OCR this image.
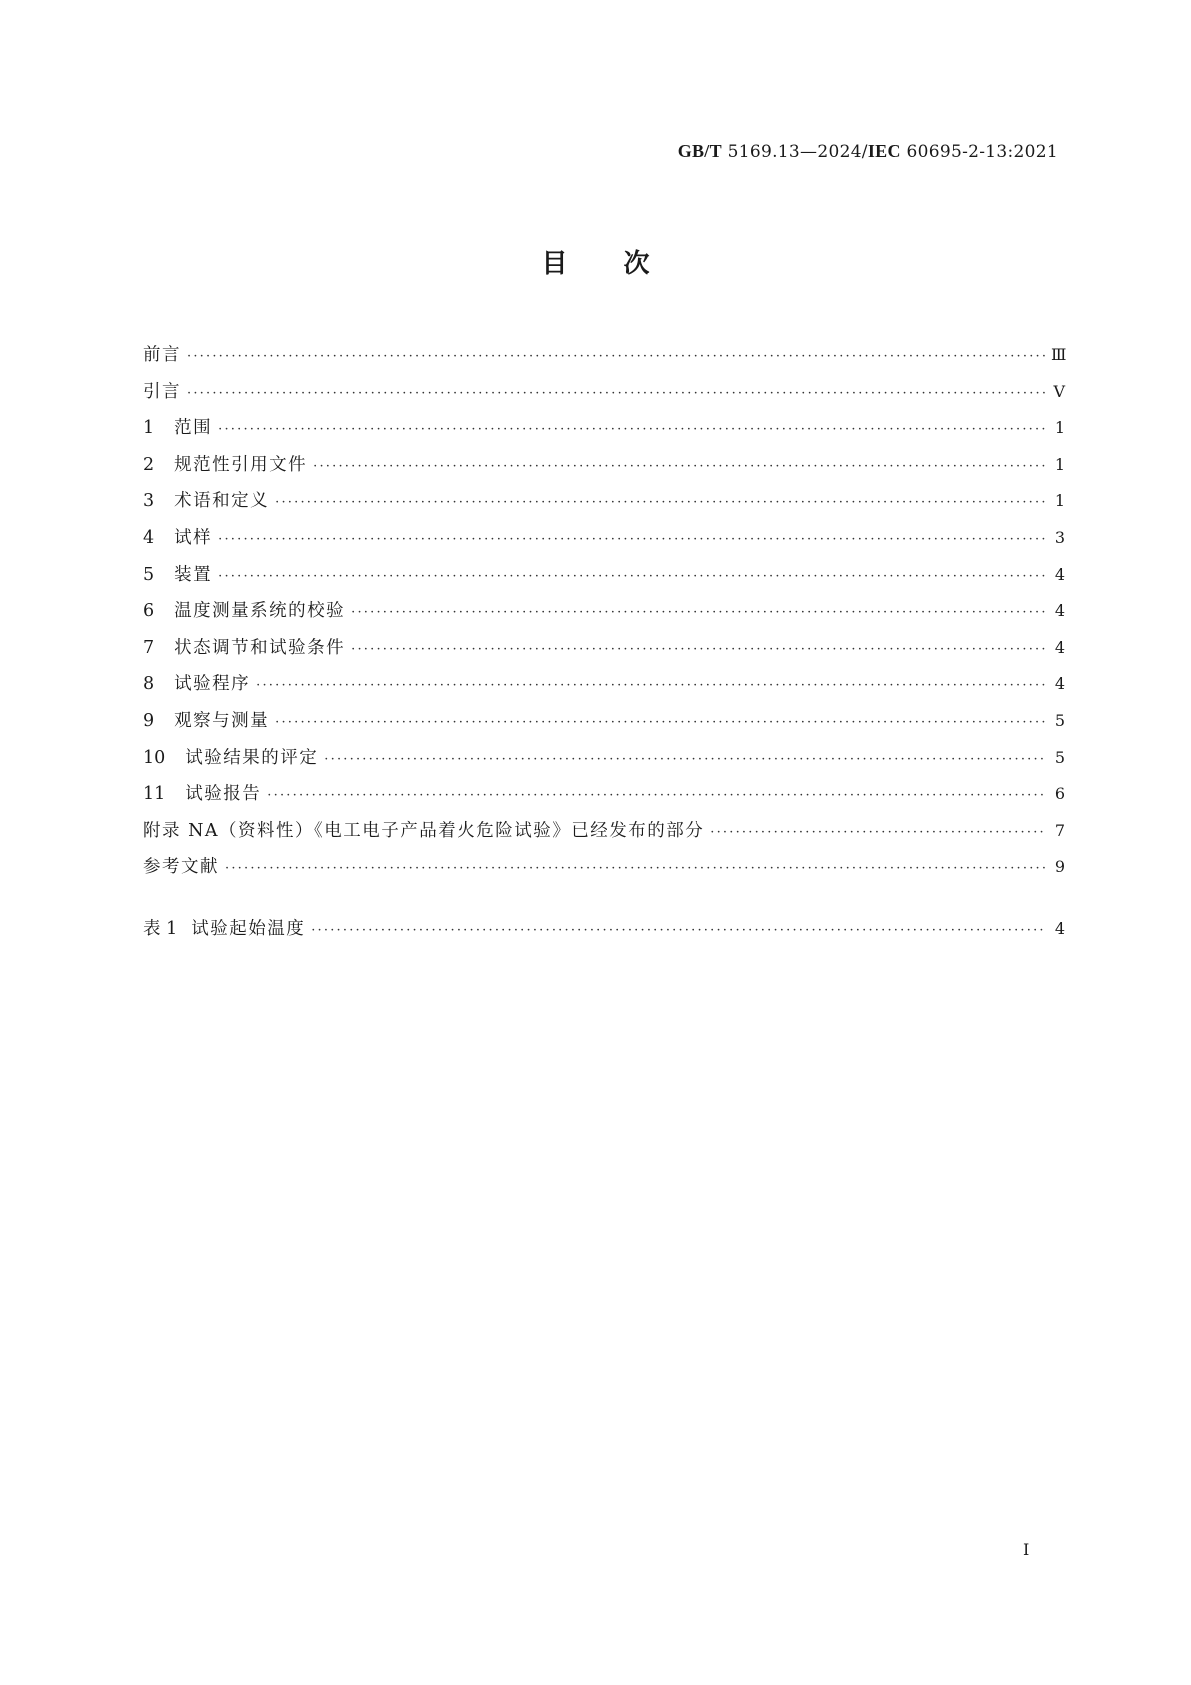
GB/T 5169.13—2024/IEC 60695-2-13:2021
目次
前言 ·····	Ⅲ
引言 ·····	Ⅴ
1 范围 ·····	1
2 规范性引用文件 ·····	1
3 术语和定义 ·····	1
4 试样 ·····	3
5 装置 ·····	4
6 温度测量系统的校验 ·····	4
7 状态调节和试验条件 ·····	4
8 试验程序 ·····	4
9 观察与测量 ·····	5
10 试验结果的评定 ·····	5
11 试验报告 ·····	6
附录 NA（资料性）《电工电子产品着火危险试验》已经发布的部分 ·····	7
参考文献 ·····	9
表 1 试验起始温度 ·····	4
Ⅰ
